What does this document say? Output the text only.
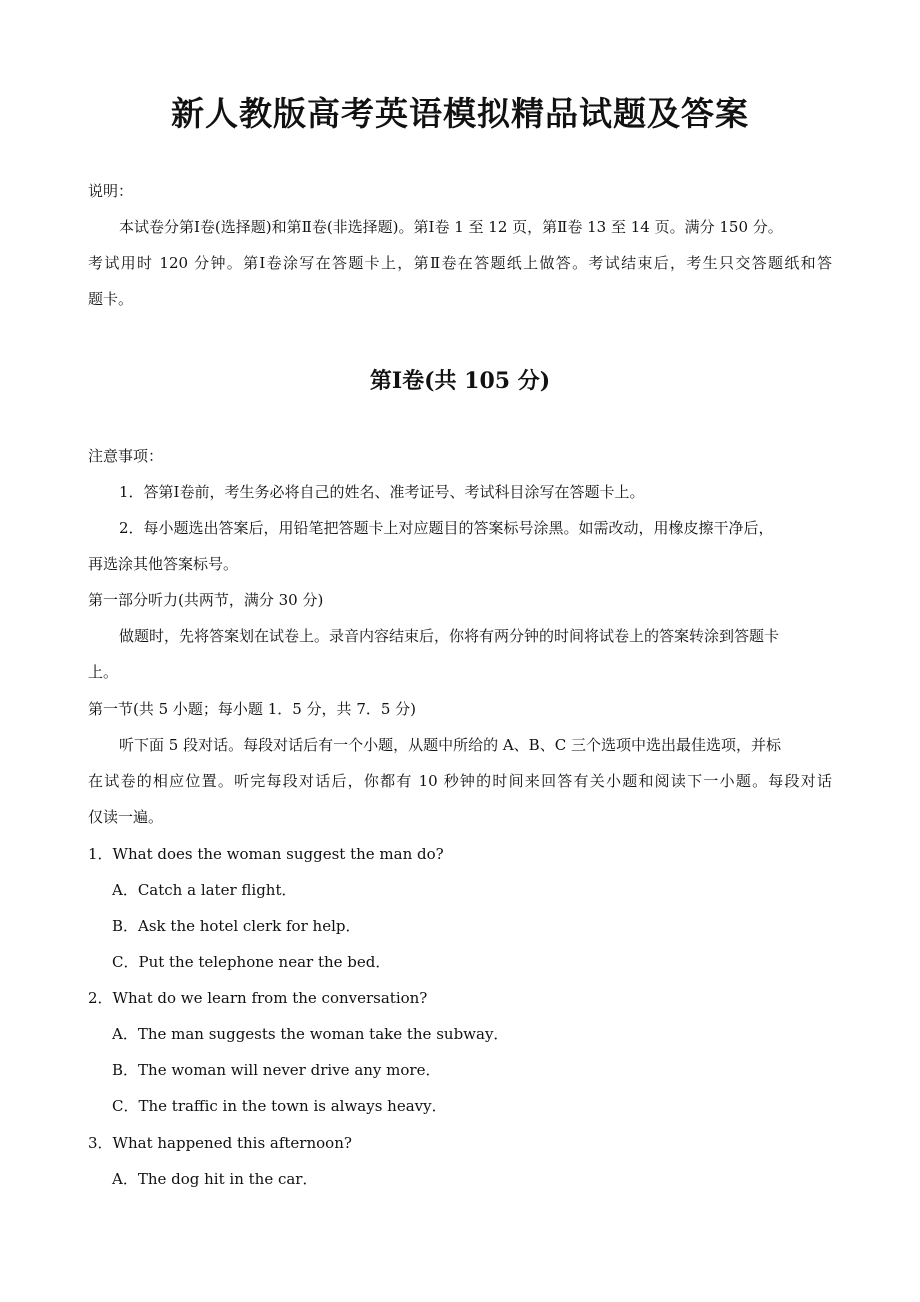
新人教版高考英语模拟精品试题及答案

说明：

本试卷分第Ⅰ卷(选择题)和第Ⅱ卷(非选择题)。第Ⅰ卷 1 至 12 页，第Ⅱ卷 13 至 14 页。满分 150 分。

考试用时 120 分钟。第Ⅰ卷涂写在答题卡上，第Ⅱ卷在答题纸上做答。考试结束后，考生只交答题纸和答

题卡。

第Ⅰ卷(共 105 分)

注意事项：

1．答第Ⅰ卷前，考生务必将自己的姓名、准考证号、考试科目涂写在答题卡上。

2．每小题选出答案后，用铅笔把答题卡上对应题目的答案标号涂黑。如需改动，用橡皮擦干净后，

再选涂其他答案标号。

第一部分听力(共两节，满分 30 分)

做题时，先将答案划在试卷上。录音内容结束后，你将有两分钟的时间将试卷上的答案转涂到答题卡

上。

第一节(共 5 小题；每小题 1．5 分，共 7．5 分)

听下面 5 段对话。每段对话后有一个小题，从题中所给的 A、B、C 三个选项中选出最佳选项，并标

在试卷的相应位置。听完每段对话后，你都有 10 秒钟的时间来回答有关小题和阅读下一小题。每段对话

仅读一遍。

1．What does the woman suggest the man do?

A．Catch a later flight．

B．Ask the hotel clerk for help．

C．Put the telephone near the bed．

2．What do we learn from the conversation?

A．The man suggests the woman take the subway．

B．The woman will never drive any more．

C．The traffic in the town is always heavy．

3．What happened this afternoon?

A．The dog hit in the car．
